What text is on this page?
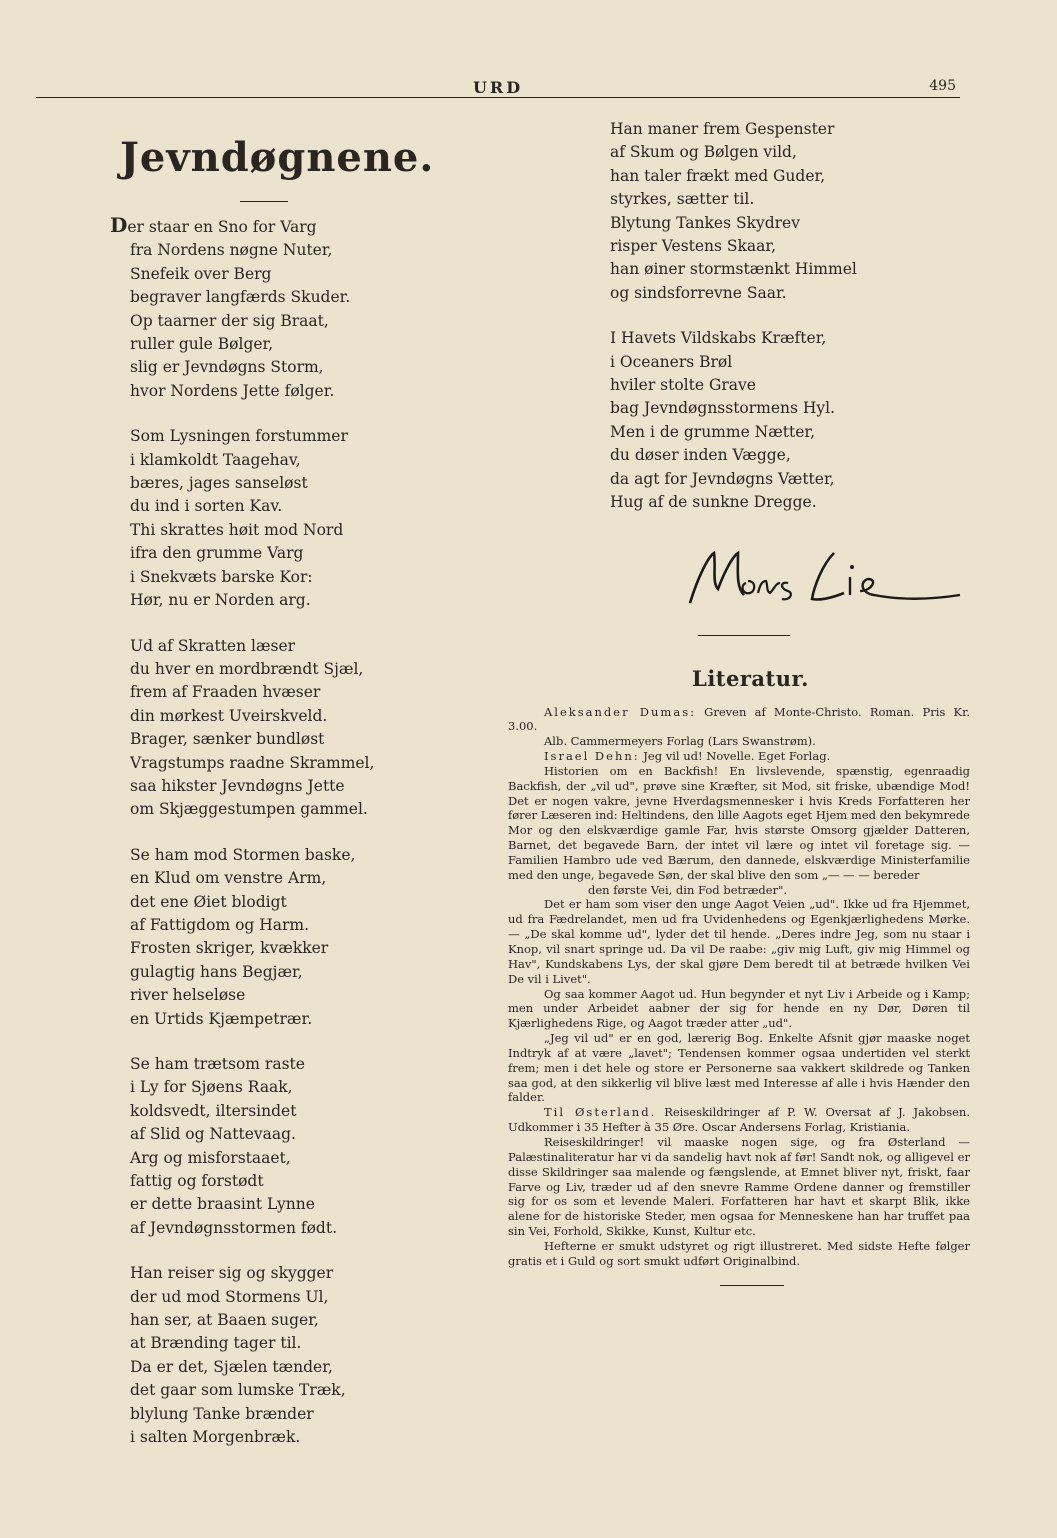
URD	495
Jevndøgnene.
Der staar en Sno for Varg
fra Nordens nøgne Nuter,
Snefeik over Berg
begraver langfærds Skuder.
Op taarner der sig Braat,
ruller gule Bølger,
slig er Jevndøgns Storm,
hvor Nordens Jette følger.
Som Lysningen forstummer
i klamkoldt Taagehav,
bæres, jages sanseløst
du ind i sorten Kav.
Thi skrattes høit mod Nord
ifra den grumme Varg
i Snekvæts barske Kor:
Hør, nu er Norden arg.
Ud af Skratten læser
du hver en mordbrændt Sjæl,
frem af Fraaden hvæser
din mørkest Uveirskveld.
Brager, sænker bundløst
Vragstumps raadne Skrammel,
saa hikster Jevndøgns Jette
om Skjæggestumpen gammel.
Se ham mod Stormen baske,
en Klud om venstre Arm,
det ene Øiet blodigt
af Fattigdom og Harm.
Frosten skriger, kvækker
gulagtig hans Begjær,
river helseløse
en Urtids Kjæmpetrær.
Se ham trætsom raste
i Ly for Sjøens Raak,
koldsvedt, iltersindet
af Slid og Nattevaag.
Arg og misforstaaet,
fattig og forstødt
er dette braasint Lynne
af Jevndøgnsstormen født.
Han reiser sig og skygger
der ud mod Stormens Ul,
han ser, at Baaen suger,
at Brænding tager til.
Da er det, Sjælen tænder,
det gaar som lumske Træk,
blylung Tanke brænder
i salten Morgenbræk.
Han maner frem Gespenster
af Skum og Bølgen vild,
han taler frækt med Guder,
styrkes, sætter til.
Blytung Tankes Skydrev
risper Vestens Skaar,
han øiner stormstænkt Himmel
og sindsforrevne Saar.
I Havets Vildskabs Kræfter,
i Oceaners Brøl
hviler stolte Grave
bag Jevndøgnsstormens Hyl.
Men i de grumme Nætter,
du døser inden Vægge,
da agt for Jevndøgns Vætter,
Hug af de sunkne Dregge.
Literatur.

Aleksander Dumas: Greven af Monte-Christo. Roman. Pris Kr. 3.00.

Alb. Cammermeyers Forlag (Lars Swanstrøm).

Israel Dehn: Jeg vil ud! Novelle. Eget Forlag.

Historien om en Backfish! En livslevende, spænstig, egenraadig Backfish, der „vil ud", prøve sine Kræfter, sit Mod, sit friske, ubændige Mod! Det er nogen vakre, jevne Hverdagsmennesker i hvis Kreds Forfatteren her fører Læseren ind: Heltindens, den lille Aagots eget Hjem med den bekymrede Mor og den elskværdige gamle Far, hvis største Omsorg gjælder Datteren, Barnet, det begavede Barn, der intet vil lære og intet vil foretage sig. — Familien Hambro ude ved Bærum, den dannede, elskværdige Ministerfamilie med den unge, begavede Søn, der skal blive den som „— — — bereder

den første Vei, din Fod betræder".

Det er ham som viser den unge Aagot Veien „ud". Ikke ud fra Hjemmet, ud fra Fædrelandet, men ud fra Uvidenhedens og Egenkjærlighedens Mørke. — „De skal komme ud", lyder det til hende. „Deres indre Jeg, som nu staar i Knop, vil snart springe ud. Da vil De raabe: „giv mig Luft, giv mig Himmel og Hav", Kundskabens Lys, der skal gjøre Dem beredt til at betræde hvilken Vei De vil i Livet".

Og saa kommer Aagot ud. Hun begynder et nyt Liv i Arbeide og i Kamp; men under Arbeidet aabner der sig for hende en ny Dør, Døren til Kjærlighedens Rige, og Aagot træder atter „ud".

„Jeg vil ud" er en god, lærerig Bog. Enkelte Afsnit gjør maaske noget Indtryk af at være „lavet"; Tendensen kommer ogsaa undertiden vel sterkt frem; men i det hele og store er Personerne saa vakkert skildrede og Tanken saa god, at den sikkerlig vil blive læst med Interesse af alle i hvis Hænder den falder.

Til Østerland. Reiseskildringer af P. W. Oversat af J. Jakobsen. Udkommer i 35 Hefter à 35 Øre. Oscar Andersens Forlag, Kristiania.

Reiseskildringer! vil maaske nogen sige, og fra Østerland — Palæstinaliteratur har vi da sandelig havt nok af før! Sandt nok, og alligevel er disse Skildringer saa malende og fængslende, at Emnet bliver nyt, friskt, faar Farve og Liv, træder ud af den snevre Ramme Ordene danner og fremstiller sig for os som et levende Maleri. Forfatteren har havt et skarpt Blik, ikke alene for de historiske Steder, men ogsaa for Menneskene han har truffet paa sin Vei, Forhold, Skikke, Kunst, Kultur etc.

Hefterne er smukt udstyret og rigt illustreret. Med sidste Hefte følger gratis et i Guld og sort smukt udført Originalbind.
